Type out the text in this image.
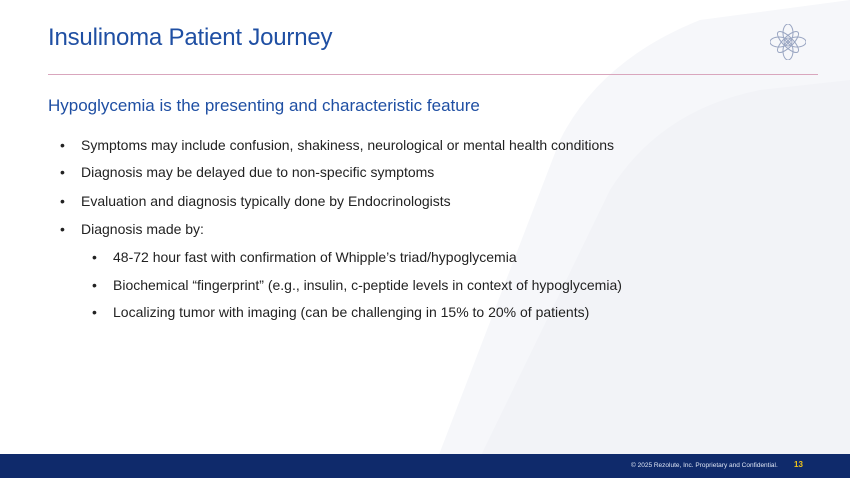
Insulinoma Patient Journey
Hypoglycemia is the presenting and characteristic feature
• Symptoms may include confusion, shakiness, neurological or mental health conditions
• Diagnosis may be delayed due to non-specific symptoms
• Evaluation and diagnosis typically done by Endocrinologists
• Diagnosis made by:
• 48-72 hour fast with confirmation of Whipple’s triad/hypoglycemia
• Biochemical “fingerprint” (e.g., insulin, c-peptide levels in context of hypoglycemia)
• Localizing tumor with imaging (can be challenging in 15% to 20% of patients)
© 2025 Rezolute, Inc. Proprietary and Confidential. 13
